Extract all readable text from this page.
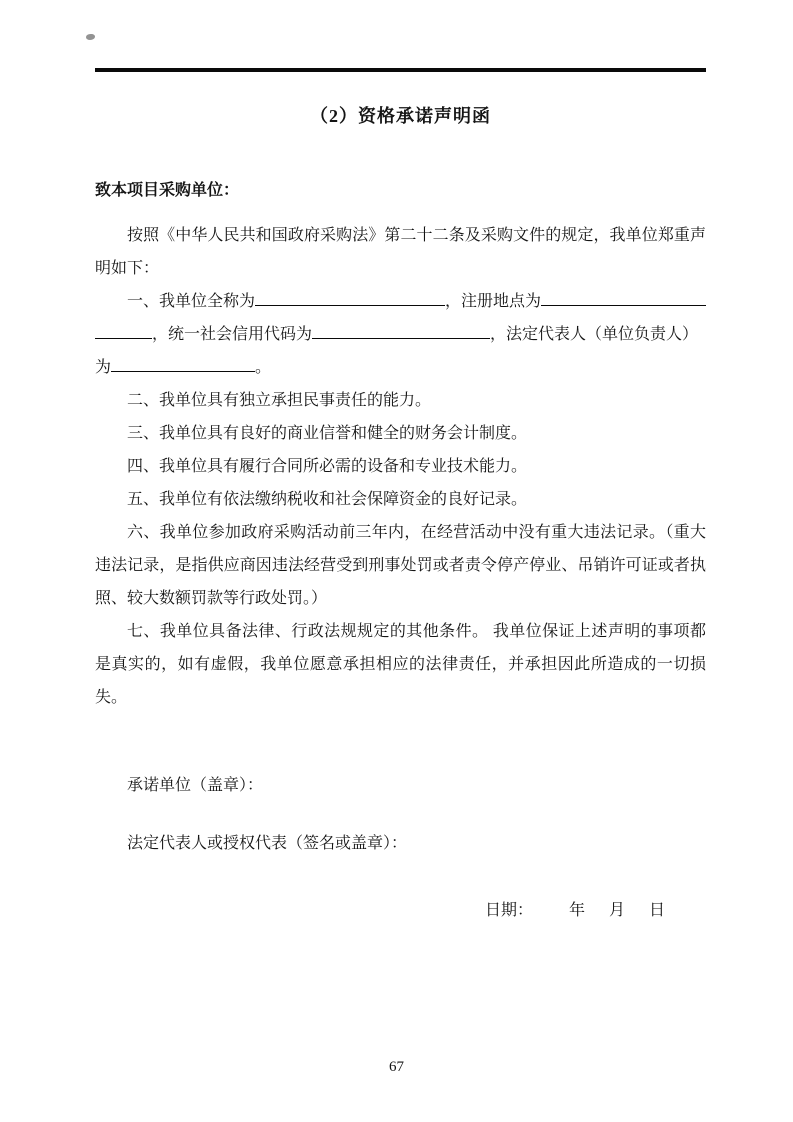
（2）资格承诺声明函
致本项目采购单位：

按照《中华人民共和国政府采购法》第二十二条及采购文件的规定，我单位郑重声明如下：

一、我单位全称为	，注册地点为
，统一社会信用代码为	，法定代表人（单位负责人）
为	。

二、我单位具有独立承担民事责任的能力。

三、我单位具有良好的商业信誉和健全的财务会计制度。

四、我单位具有履行合同所必需的设备和专业技术能力。

五、我单位有依法缴纳税收和社会保障资金的良好记录。

六、我单位参加政府采购活动前三年内，在经营活动中没有重大违法记录。（重大违法记录，是指供应商因违法经营受到刑事处罚或者责令停产停业、吊销许可证或者执照、较大数额罚款等行政处罚。）

七、我单位具备法律、行政法规规定的其他条件。 我单位保证上述声明的事项都是真实的，如有虚假，我单位愿意承担相应的法律责任，并承担因此所造成的一切损失。

承诺单位（盖章）：
法定代表人或授权代表（签名或盖章）：
日期：         年      月      日
67
